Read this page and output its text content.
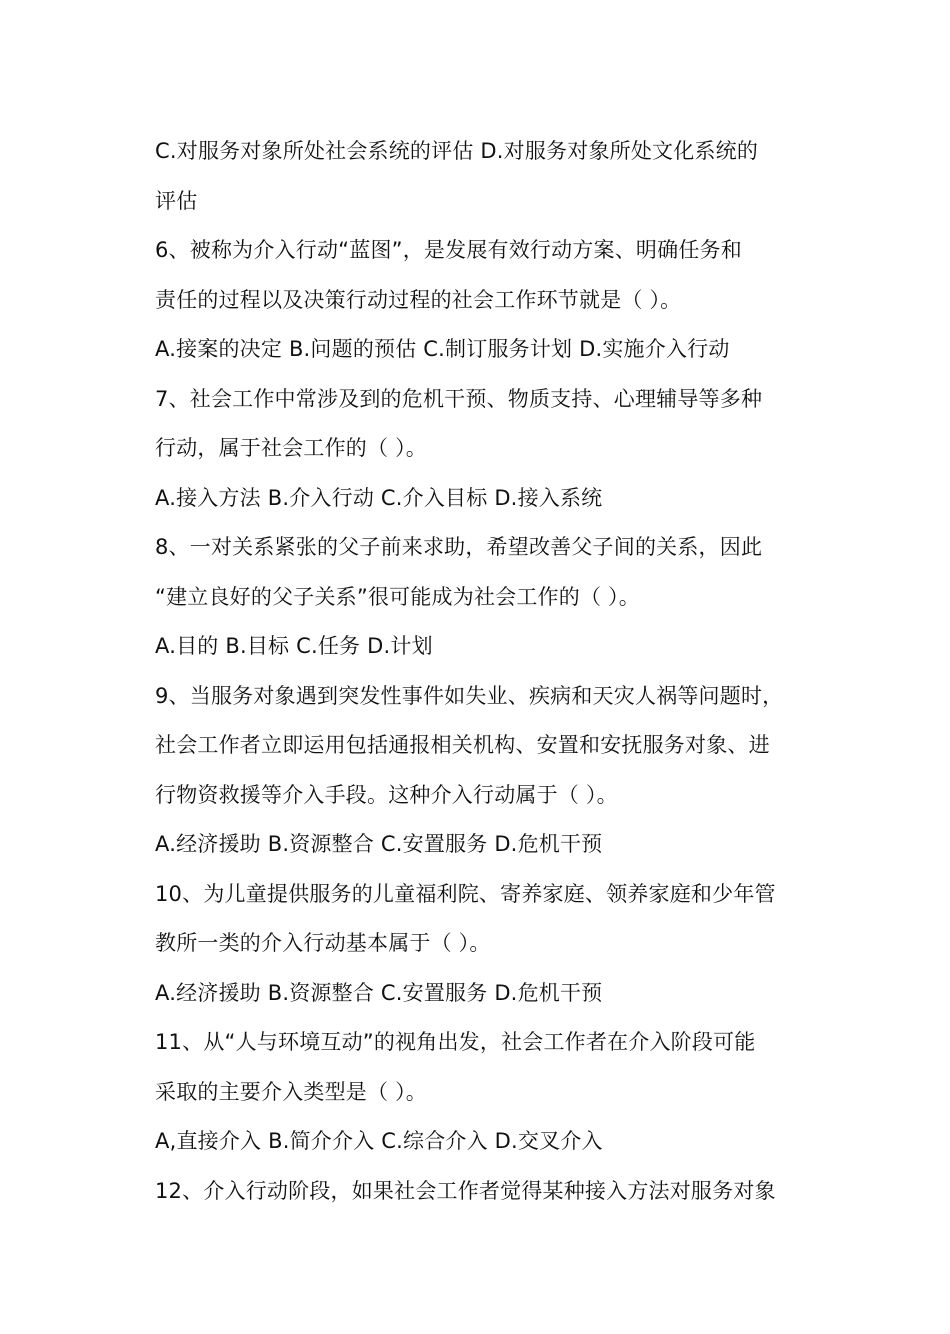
C.对服务对象所处社会系统的评估 D.对服务对象所处文化系统的
评估
6、被称为介入行动“蓝图”，是发展有效行动方案、明确任务和
责任的过程以及决策行动过程的社会工作环节就是（ ）。
A.接案的决定 B.问题的预估 C.制订服务计划 D.实施介入行动
7、社会工作中常涉及到的危机干预、物质支持、心理辅导等多种
行动，属于社会工作的（ ）。
A.接入方法 B.介入行动 C.介入目标 D.接入系统
8、一对关系紧张的父子前来求助，希望改善父子间的关系，因此
“建立良好的父子关系”很可能成为社会工作的（ ）。
A.目的 B.目标 C.任务 D.计划
9、当服务对象遇到突发性事件如失业、疾病和天灾人祸等问题时，
社会工作者立即运用包括通报相关机构、安置和安抚服务对象、进
行物资救援等介入手段。这种介入行动属于（ ）。
A.经济援助 B.资源整合 C.安置服务 D.危机干预
10、为儿童提供服务的儿童福利院、寄养家庭、领养家庭和少年管
教所一类的介入行动基本属于（ ）。
A.经济援助 B.资源整合 C.安置服务 D.危机干预
11、从“人与环境互动”的视角出发，社会工作者在介入阶段可能
采取的主要介入类型是（ ）。
A,直接介入 B.简介介入 C.综合介入 D.交叉介入
12、介入行动阶段，如果社会工作者觉得某种接入方法对服务对象
